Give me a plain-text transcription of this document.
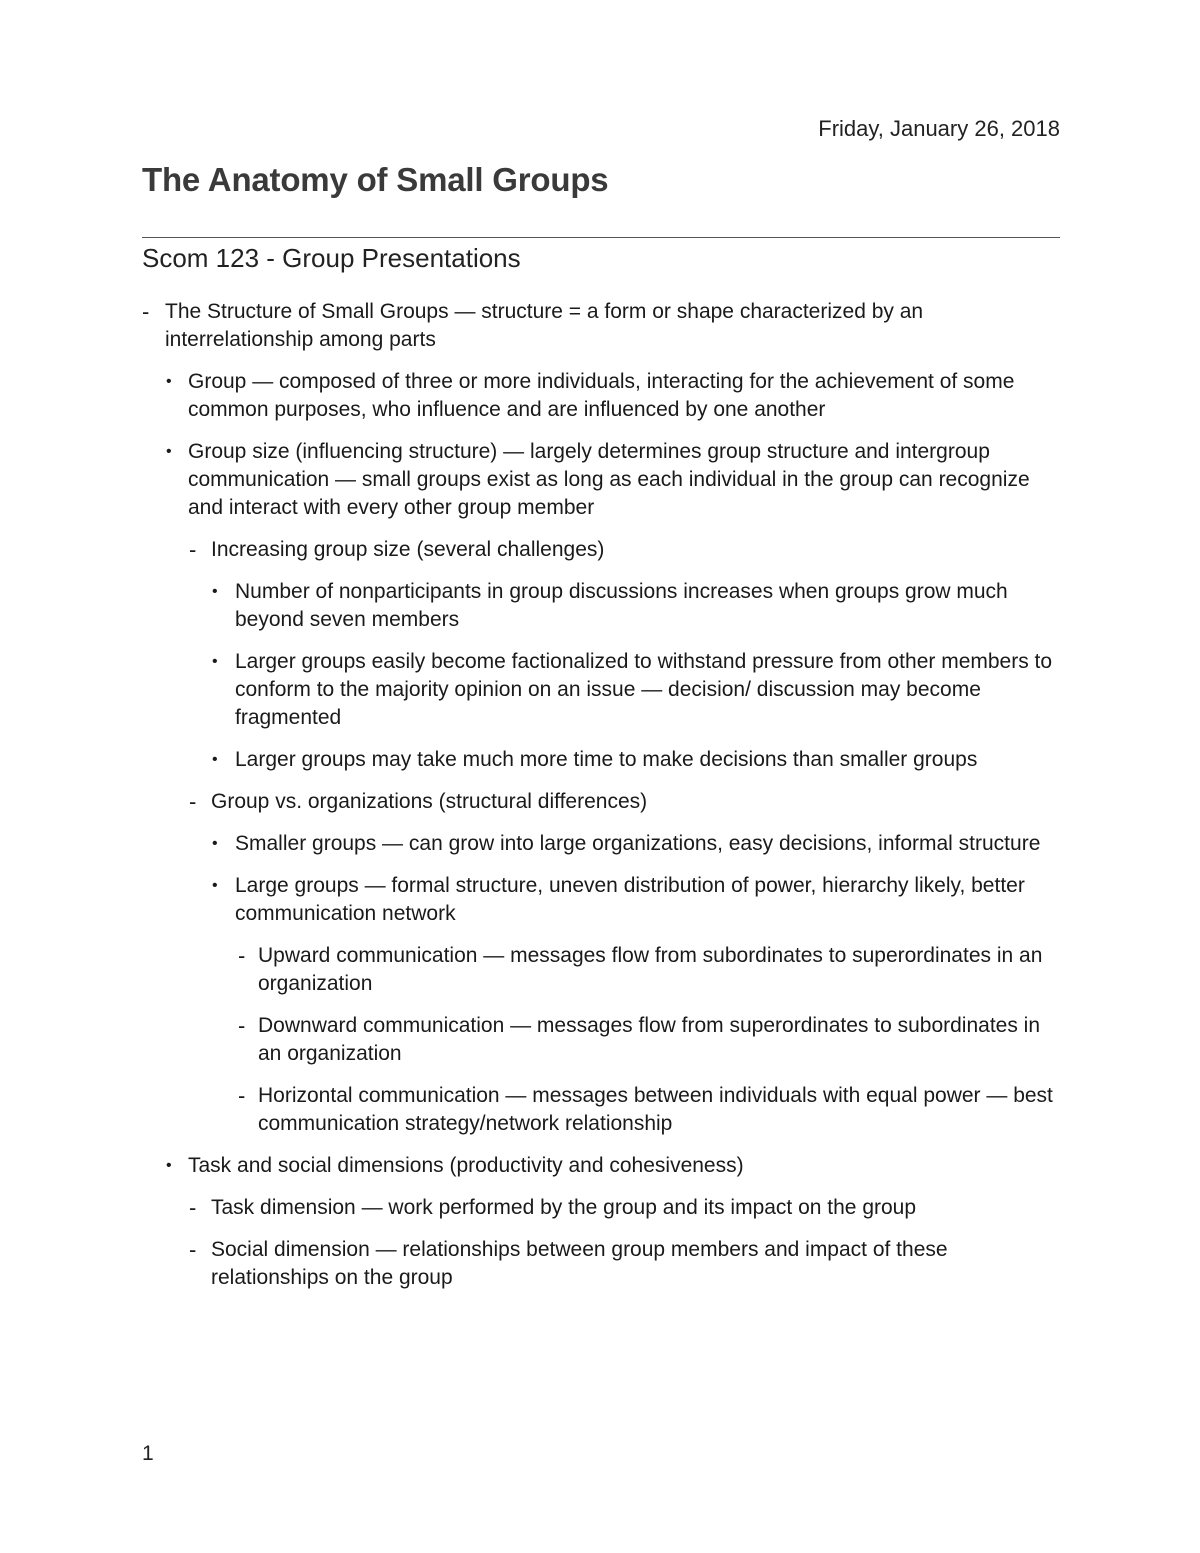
Friday, January 26, 2018
The Anatomy of Small Groups
Scom 123 - Group Presentations
- The Structure of Small Groups — structure = a form or shape characterized by an interrelationship among parts
• Group — composed of three or more individuals, interacting for the achievement of some common purposes, who influence and are influenced by one another
• Group size (influencing structure) — largely determines group structure and intergroup communication — small groups exist as long as each individual in the group can recognize and interact with every other group member
- Increasing group size (several challenges)
• Number of nonparticipants in group discussions increases when groups grow much beyond seven members
• Larger groups easily become factionalized to withstand pressure from other members to conform to the majority opinion on an issue — decision/ discussion may become fragmented
• Larger groups may take much more time to make decisions than smaller groups
- Group vs. organizations (structural differences)
• Smaller groups — can grow into large organizations, easy decisions, informal structure
• Large groups — formal structure, uneven distribution of power, hierarchy likely, better communication network
- Upward communication — messages flow from subordinates to superordinates in an organization
- Downward communication — messages flow from superordinates to subordinates in an organization
- Horizontal communication — messages between individuals with equal power — best communication strategy/network relationship
• Task and social dimensions (productivity and cohesiveness)
- Task dimension — work performed by the group and its impact on the group
- Social dimension — relationships between group members and impact of these relationships on the group
1
